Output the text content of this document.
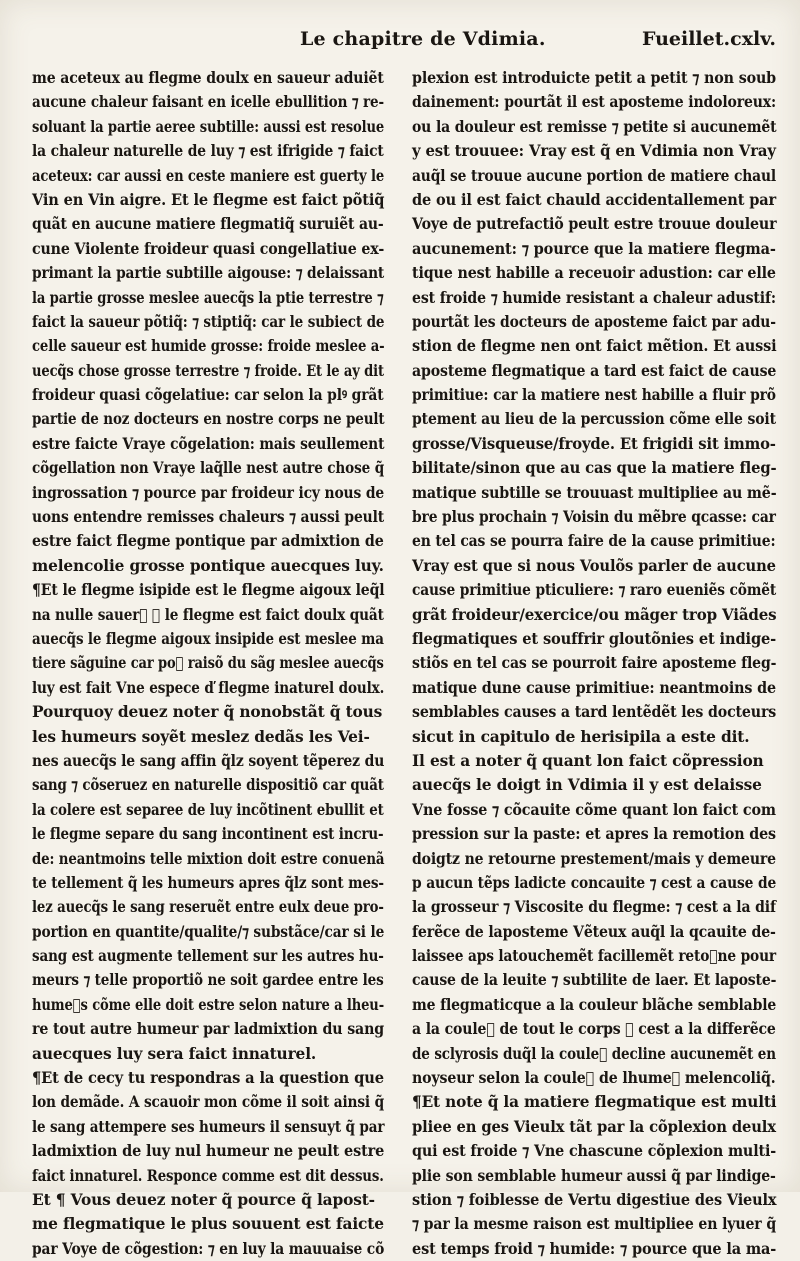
Le chapitre de Vdimia.	Fueillet.cxlv.
me aceteux au flegme doulx en saueur aduiẽt
aucune chaleur faisant en icelle ebullition ⁊ re-
soluant la partie aeree subtille: aussi est resolue
la chaleur naturelle de luy ⁊ est ifrigide ⁊ faict
aceteux: car aussi en ceste maniere est guerty le
Vin en Vin aigre. Et le flegme est faict põtiq̃
quãt en aucune matiere flegmatiq̃ suruiẽt au-
cune Violente froideur quasi congellatiue ex-
primant la partie subtille aigouse: ⁊ delaissant
la partie grosse meslee auecq̃s la ptie terrestre ⁊
faict la saueur põtiq̃: ⁊ stiptiq̃: car le subiect de
celle saueur est humide grosse: froide meslee a-
uecq̃s chose grosse terrestre ⁊ froide. Et le ay dit
froideur quasi cõgelatiue: car selon la plꝰ grãt
partie de noz docteurs en nostre corps ne peult
estre faicte Vraye cõgelation: mais seullement
cõgellation non Vraye laq̃lle nest autre chose q̃
ingrossation ⁊ pource par froideur icy nous de
uons entendre remisses chaleurs ⁊ aussi peult
estre faict flegme pontique par admixtion de
melencolie grosse pontique auecques luy.
¶Et le flegme isipide est le flegme aigoux leq̃l
na nulle sauerᷓ ⁊ le flegme est faict doulx quãt
auecq̃s le flegme aigoux insipide est meslee ma
tiere sãguine car poᷓ raisõ du sãg meslee auecq̃s
luy est fait Vne espece ď flegme inaturel doulx.
Pourquoy deuez noter q̃ nonobstãt q̃ tous
les humeurs soyẽt meslez dedãs les Vei-
nes auecq̃s le sang affin q̃lz soyent tẽperez du
sang ⁊ cõseruez en naturelle dispositiõ car quãt
la colere est separee de luy incõtinent ebullit et
le flegme separe du sang incontinent est incru-
de: neantmoins telle mixtion doit estre conuenã
te tellement q̃ les humeurs apres q̃lz sont mes-
lez auecq̃s le sang reseruẽt entre eulx deue pro-
portion en quantite/qualite/⁊ substãce/car si le
sang est augmente tellement sur les autres hu-
meurs ⁊ telle proportiõ ne soit gardee entre les
humeᷓs cõme elle doit estre selon nature a lheu-
re tout autre humeur par ladmixtion du sang
auecques luy sera faict innaturel.
¶Et de cecy tu respondras a la question que
lon demãde. A scauoir mon cõme il soit ainsi q̃
le sang attempere ses humeurs il sensuyt q̃ par
ladmixtion de luy nul humeur ne peult estre
faict innaturel. Responce comme est dit dessus.
Et ¶ Vous deuez noter q̃ pource q̃ lapost-
me flegmatique le plus souuent est faicte
par Voye de cõgestion: ⁊ en luy la mauuaise cõ
plexion est introduicte petit a petit ⁊ non soub
dainement: pourtãt il est aposteme indoloreux:
ou la douleur est remisse ⁊ petite si aucunemẽt
y est trouuee: Vray est q̃ en Vdimia non Vray
auq̃l se trouue aucune portion de matiere chaul
de ou il est faict chauld accidentallement par
Voye de putrefactiõ peult estre trouue douleur
aucunement: ⁊ pource que la matiere flegma-
tique nest habille a receuoir adustion: car elle
est froide ⁊ humide resistant a chaleur adustif:
pourtãt les docteurs de aposteme faict par adu-
stion de flegme nen ont faict mẽtion. Et aussi
aposteme flegmatique a tard est faict de cause
primitiue: car la matiere nest habille a fluir prõ
ptement au lieu de la percussion cõme elle soit
grosse/Visqueuse/froyde. Et frigidi sit immo-
bilitate/sinon que au cas que la matiere fleg-
matique subtille se trouuast multipliee au mẽ-
bre plus prochain ⁊ Voisin du mẽbre qcasse: car
en tel cas se pourra faire de la cause primitiue:
Vray est que si nous Voulõs parler de aucune
cause primitiue pticuliere: ⁊ raro eueniẽs cõmẽt
grãt froideur/exercice/ou mãger trop Viãdes
flegmatiques et souffrir gloutõnies et indige-
stiõs en tel cas se pourroit faire aposteme fleg-
matique dune cause primitiue: neantmoins de
semblables causes a tard lentẽdẽt les docteurs
sicut in capitulo de herisipila a este dit.
Il est a noter q̃ quant lon faict cõpression
auecq̃s le doigt in Vdimia il y est delaisse
Vne fosse ⁊ cõcauite cõme quant lon faict com
pression sur la paste: et apres la remotion des
doigtz ne retourne prestement/mais y demeure
p aucun tẽps ladicte concauite ⁊ cest a cause de
la grosseur ⁊ Viscosite du flegme: ⁊ cest a la dif
ferẽce de laposteme Vẽteux auq̃l la qcauite de-
laissee aps latouchemẽt facillemẽt retoᷓne pour
cause de la leuite ⁊ subtilite de laer. Et laposte-
me flegmaticque a la couleur blãche semblable
a la couleᷓ de tout le corps ⁊ cest a la differẽce
de sclyrosis duq̃l la couleᷓ decline aucunemẽt en
noyseur selon la couleᷓ de lhumeᷓ melencoliq̃.
¶Et note q̃ la matiere flegmatique est multi
pliee en ges Vieulx tãt par la cõplexion deulx
qui est froide ⁊ Vne chascune cõplexion multi-
plie son semblable humeur aussi q̃ par lindige-
stion ⁊ foiblesse de Vertu digestiue des Vieulx
⁊ par la mesme raison est multipliee en lyuer q̃
est temps froid ⁊ humide: ⁊ pource que la ma-
